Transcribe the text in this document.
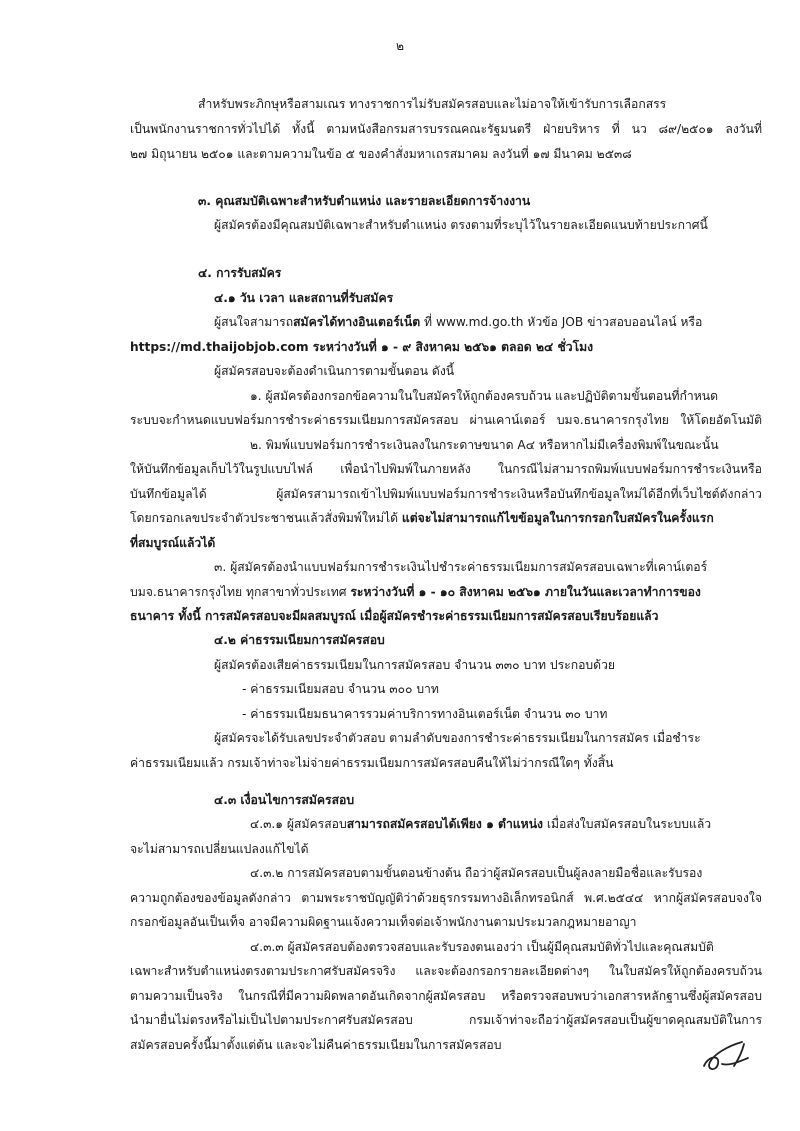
๒
สำหรับพระภิกษุหรือสามเณร ทางราชการไม่รับสมัครสอบและไม่อาจให้เข้ารับการเลือกสรร
เป็นพนักงานราชการทั่วไปได้ ทั้งนี้ ตามหนังสือกรมสารบรรณคณะรัฐมนตรี ฝ่ายบริหาร ที่ นว ๘๙/๒๕๐๑ ลงวันที่
๒๗ มิถุนายน ๒๕๐๑ และตามความในข้อ ๕ ของคำสั่งมหาเถรสมาคม ลงวันที่ ๑๗ มีนาคม ๒๕๓๘
๓. คุณสมบัติเฉพาะสำหรับตำแหน่ง และรายละเอียดการจ้างงาน
ผู้สมัครต้องมีคุณสมบัติเฉพาะสำหรับตำแหน่ง ตรงตามที่ระบุไว้ในรายละเอียดแนบท้ายประกาศนี้
๔. การรับสมัคร
๔.๑ วัน เวลา และสถานที่รับสมัคร
ผู้สนใจสามารถสมัครได้ทางอินเตอร์เน็ต ที่ www.md.go.th หัวข้อ JOB ข่าวสอบออนไลน์ หรือ
https://md.thaijobjob.com ระหว่างวันที่ ๑ - ๙ สิงหาคม ๒๕๖๑ ตลอด ๒๔ ชั่วโมง
ผู้สมัครสอบจะต้องดำเนินการตามขั้นตอน ดังนี้
๑. ผู้สมัครต้องกรอกข้อความในใบสมัครให้ถูกต้องครบถ้วน และปฏิบัติตามขั้นตอนที่กำหนด
ระบบจะกำหนดแบบฟอร์มการชำระค่าธรรมเนียมการสมัครสอบ ผ่านเคาน์เตอร์ บมจ.ธนาคารกรุงไทย ให้โดยอัตโนมัติ
๒. พิมพ์แบบฟอร์มการชำระเงินลงในกระดาษขนาด A๔ หรือหากไม่มีเครื่องพิมพ์ในขณะนั้น
ให้บันทึกข้อมูลเก็บไว้ในรูปแบบไฟล์ เพื่อนำไปพิมพ์ในภายหลัง ในกรณีไม่สามารถพิมพ์แบบฟอร์มการชำระเงินหรือ
บันทึกข้อมูลได้ ผู้สมัครสามารถเข้าไปพิมพ์แบบฟอร์มการชำระเงินหรือบันทึกข้อมูลใหม่ได้อีกที่เว็บไซต์ดังกล่าว
โดยกรอกเลขประจำตัวประชาชนแล้วสั่งพิมพ์ใหม่ได้ แต่จะไม่สามารถแก้ไขข้อมูลในการกรอกใบสมัครในครั้งแรก
ที่สมบูรณ์แล้วได้
๓. ผู้สมัครต้องนำแบบฟอร์มการชำระเงินไปชำระค่าธรรมเนียมการสมัครสอบเฉพาะที่เคาน์เตอร์
บมจ.ธนาคารกรุงไทย ทุกสาขาทั่วประเทศ ระหว่างวันที่ ๑ - ๑๐ สิงหาคม ๒๕๖๑ ภายในวันและเวลาทำการของ
ธนาคาร ทั้งนี้ การสมัครสอบจะมีผลสมบูรณ์ เมื่อผู้สมัครชำระค่าธรรมเนียมการสมัครสอบเรียบร้อยแล้ว
๔.๒ ค่าธรรมเนียมการสมัครสอบ
ผู้สมัครต้องเสียค่าธรรมเนียมในการสมัครสอบ จำนวน ๓๓๐ บาท ประกอบด้วย
- ค่าธรรมเนียมสอบ จำนวน ๓๐๐ บาท
- ค่าธรรมเนียมธนาคารรวมค่าบริการทางอินเตอร์เน็ต จำนวน ๓๐ บาท
ผู้สมัครจะได้รับเลขประจำตัวสอบ ตามลำดับของการชำระค่าธรรมเนียมในการสมัคร เมื่อชำระ
ค่าธรรมเนียมแล้ว กรมเจ้าท่าจะไม่จ่ายค่าธรรมเนียมการสมัครสอบคืนให้ไม่ว่ากรณีใดๆ ทั้งสิ้น
๔.๓ เงื่อนไขการสมัครสอบ
๔.๓.๑ ผู้สมัครสอบสามารถสมัครสอบได้เพียง ๑ ตำแหน่ง เมื่อส่งใบสมัครสอบในระบบแล้ว
จะไม่สามารถเปลี่ยนแปลงแก้ไขได้
๔.๓.๒ การสมัครสอบตามขั้นตอนข้างต้น ถือว่าผู้สมัครสอบเป็นผู้ลงลายมือชื่อและรับรอง
ความถูกต้องของข้อมูลดังกล่าว ตามพระราชบัญญัติว่าด้วยธุรกรรมทางอิเล็กทรอนิกส์ พ.ศ.๒๕๔๔ หากผู้สมัครสอบจงใจ
กรอกข้อมูลอันเป็นเท็จ อาจมีความผิดฐานแจ้งความเท็จต่อเจ้าพนักงานตามประมวลกฎหมายอาญา
๔.๓.๓ ผู้สมัครสอบต้องตรวจสอบและรับรองตนเองว่า เป็นผู้มีคุณสมบัติทั่วไปและคุณสมบัติ
เฉพาะสำหรับตำแหน่งตรงตามประกาศรับสมัครจริง และจะต้องกรอกรายละเอียดต่างๆ ในใบสมัครให้ถูกต้องครบถ้วน
ตามความเป็นจริง ในกรณีที่มีความผิดพลาดอันเกิดจากผู้สมัครสอบ หรือตรวจสอบพบว่าเอกสารหลักฐานซึ่งผู้สมัครสอบ
นำมายื่นไม่ตรงหรือไม่เป็นไปตามประกาศรับสมัครสอบ กรมเจ้าท่าจะถือว่าผู้สมัครสอบเป็นผู้ขาดคุณสมบัติในการ
สมัครสอบครั้งนี้มาตั้งแต่ต้น และจะไม่คืนค่าธรรมเนียมในการสมัครสอบ
